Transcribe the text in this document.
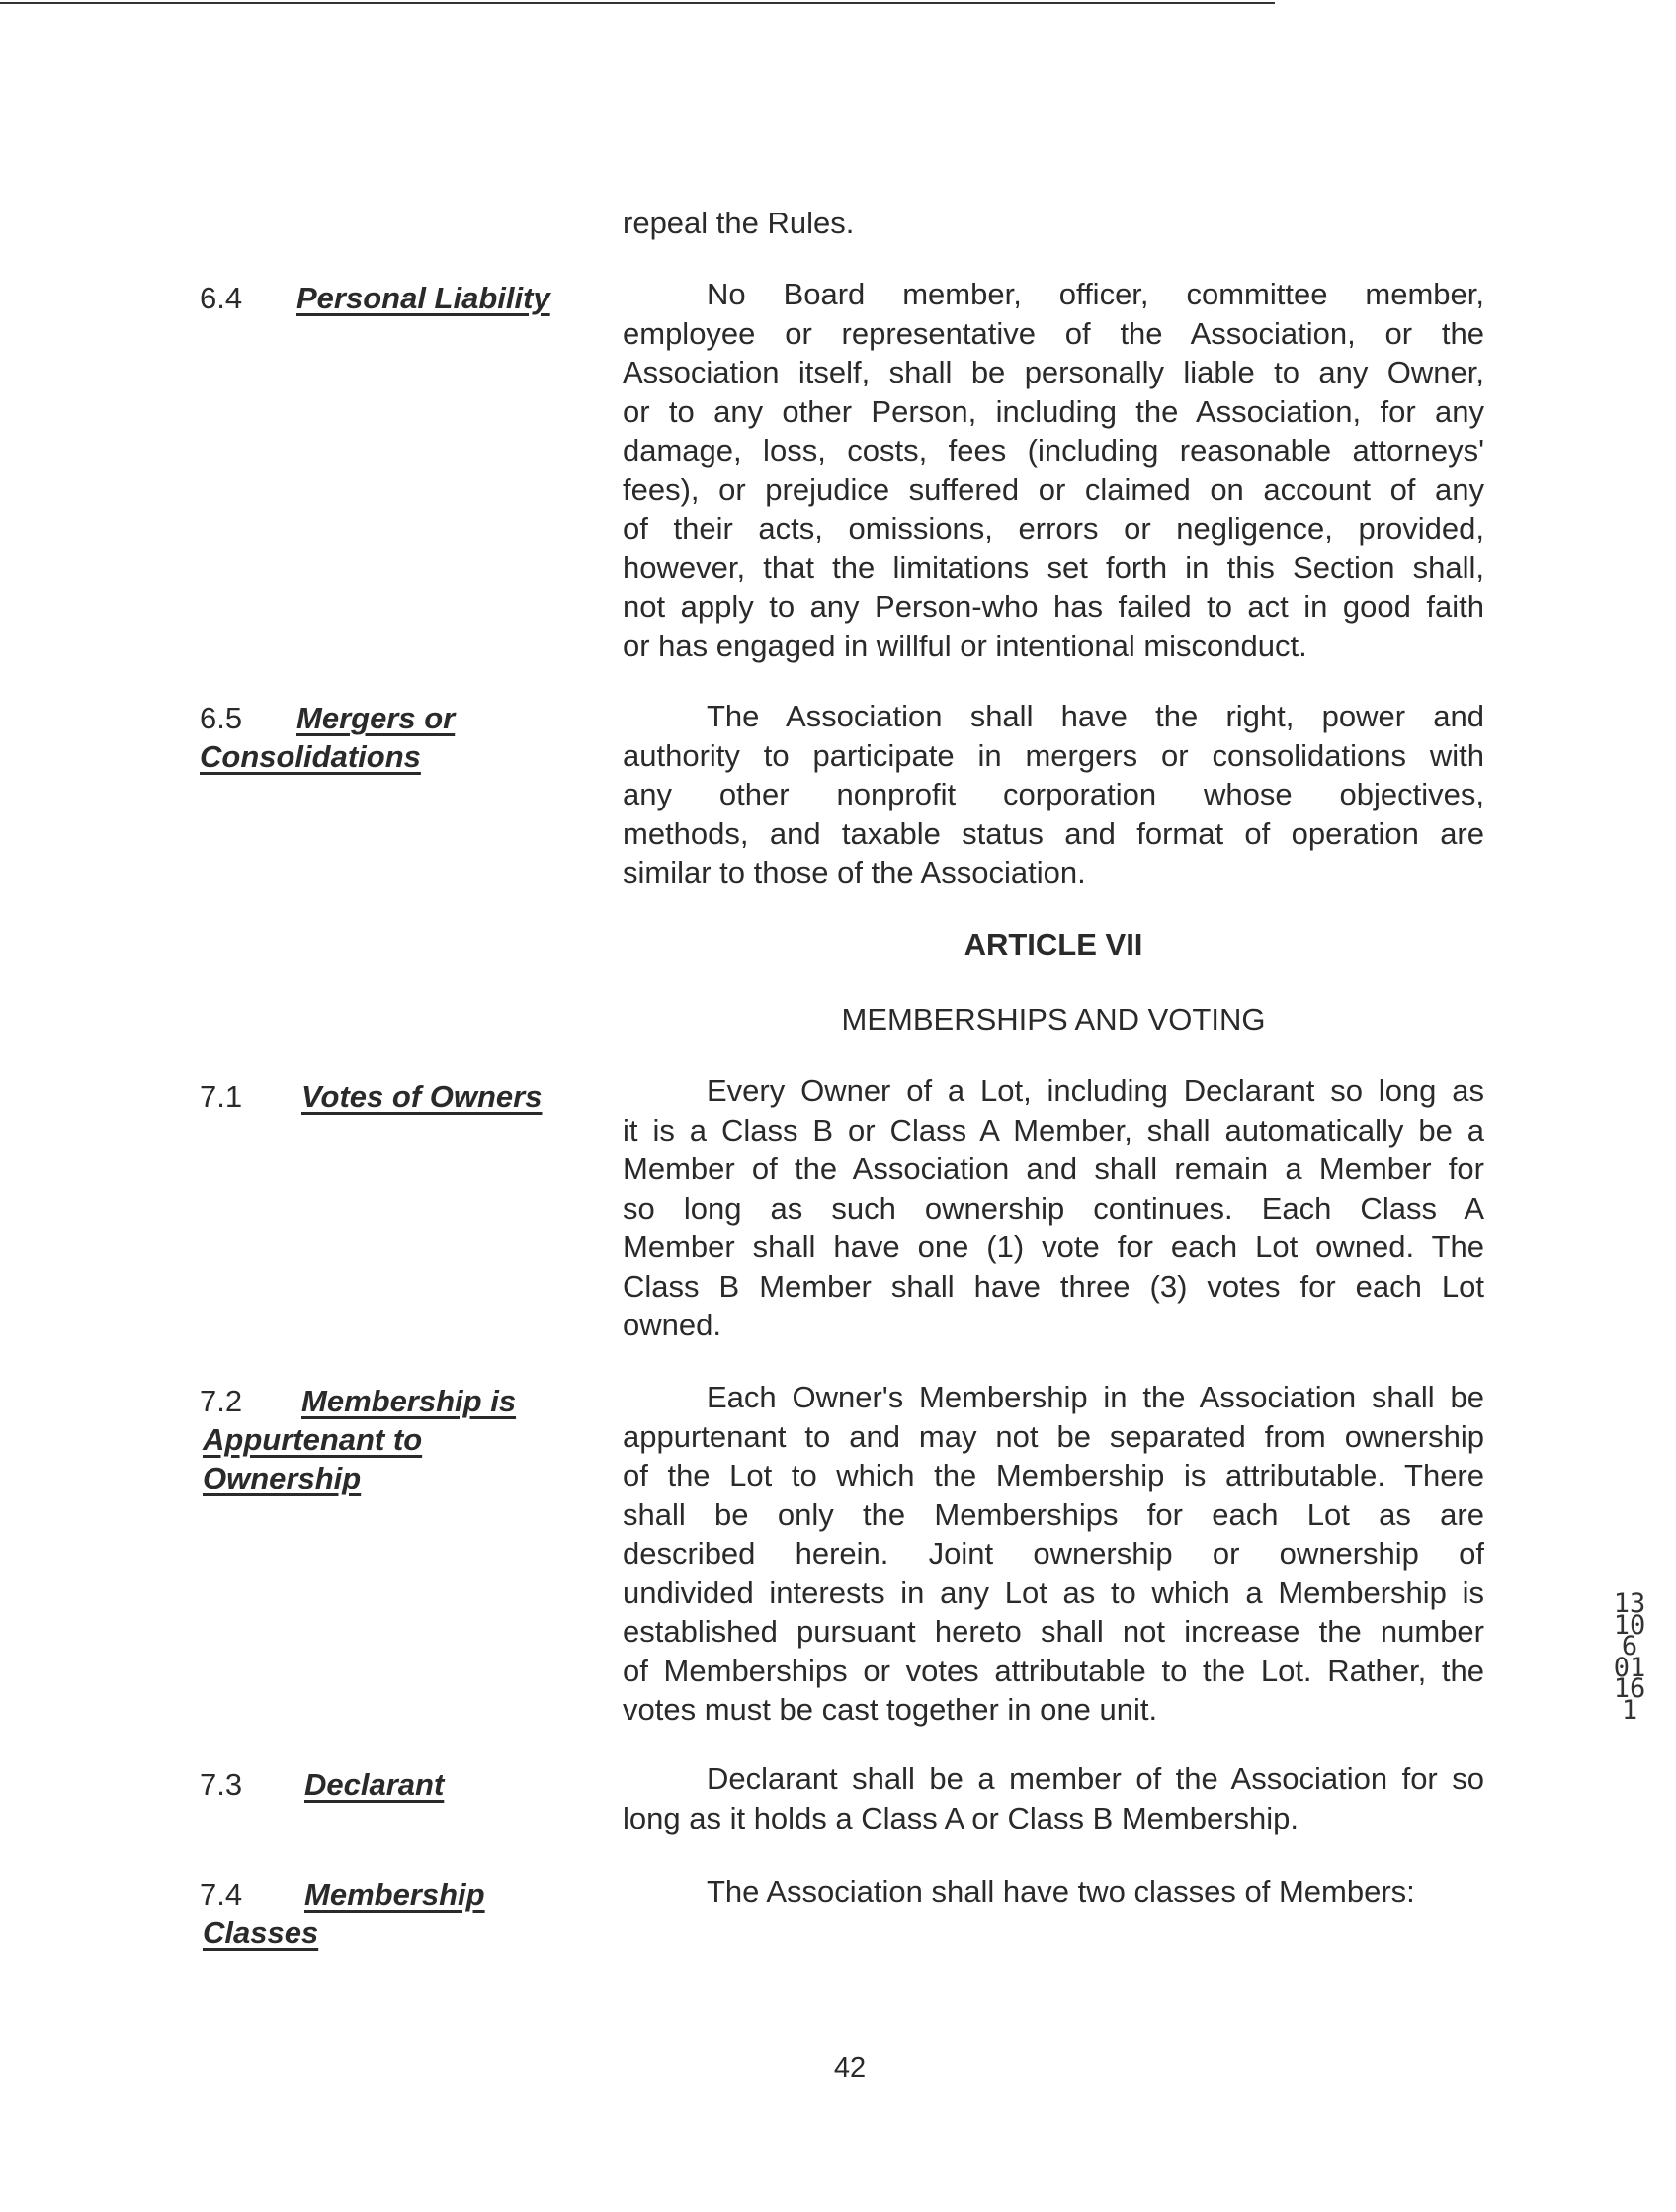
repeal the Rules.

6.4 Personal Liability	No Board member, officer, committee member,

employee or representative of the Association, or the

Association itself, shall be personally liable to any Owner,

or to any other Person, including the Association, for any

damage, loss, costs, fees (including reasonable attorneys'

fees), or prejudice suffered or claimed on account of any

of their acts, omissions, errors or negligence, provided,

however, that the limitations set forth in this Section shall,

not apply to any Person-who has failed to act in good faith

or has engaged in willful or intentional misconduct.

6.5 Mergers or

Consolidations

The Association shall have the right, power and

authority to participate in mergers or consolidations with

any other nonprofit corporation whose objectives,

methods, and taxable status and format of operation are

similar to those of the Association.

ARTICLE VII

MEMBERSHIPS AND VOTING

7.1 Votes of Owners	Every Owner of a Lot, including Declarant so long as

it is a Class B or Class A Member, shall automatically be a

Member of the Association and shall remain a Member for

so long as such ownership continues. Each Class A

Member shall have one (1) vote for each Lot owned. The

Class B Member shall have three (3) votes for each Lot

owned.

7.2 Membership is

Appurtenant to

Ownership

Each Owner's Membership in the Association shall be

appurtenant to and may not be separated from ownership

of the Lot to which the Membership is attributable. There

shall be only the Memberships for each Lot as are

described herein. Joint ownership or ownership of

undivided interests in any Lot as to which a Membership is

established pursuant hereto shall not increase the number

of Memberships or votes attributable to the Lot. Rather, the

votes must be cast together in one unit.

7.3 Declarant	Declarant shall be a member of the Association for so

long as it holds a Class A or Class B Membership.

7.4 Membership

Classes

The Association shall have two classes of Members:

42
13106 01161
